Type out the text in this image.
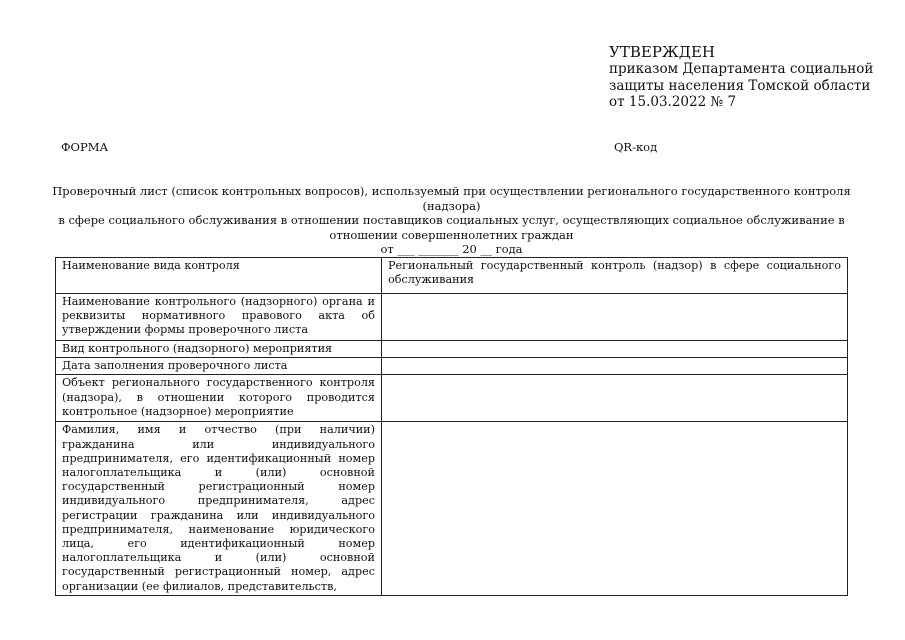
УТВЕРЖДЕН
приказом Департамента социальной
защиты населения Томской области
от 15.03.2022 № 7
ФОРМА	QR-код
Проверочный лист (список контрольных вопросов), используемый при осуществлении регионального государственного контроля (надзора)
в сфере социального обслуживания в отношении поставщиков социальных услуг, осуществляющих социальное обслуживание в
отношении совершеннолетних граждан
от ___ _______ 20 __ года
Наименование вида контроля	Региональный государственный контроль (надзор) в сфере социального обслуживания
Наименование контрольного (надзорного) органа и реквизиты нормативного правового акта об утверждении формы проверочного листа	
Вид контрольного (надзорного) мероприятия	
Дата заполнения проверочного листа	
Объект регионального государственного контроля (надзора), в отношении которого проводится контрольное (надзорное) мероприятие	
Фамилия, имя и отчество (при наличии) гражданина или индивидуального предпринимателя, его идентификационный номер налогоплательщика и (или) основной государственный регистрационный номер индивидуального предпринимателя, адрес регистрации гражданина или индивидуального предпринимателя, наименование юридического лица, его идентификационный номер налогоплательщика и (или) основной государственный регистрационный номер, адрес организации (ее филиалов, представительств,	
